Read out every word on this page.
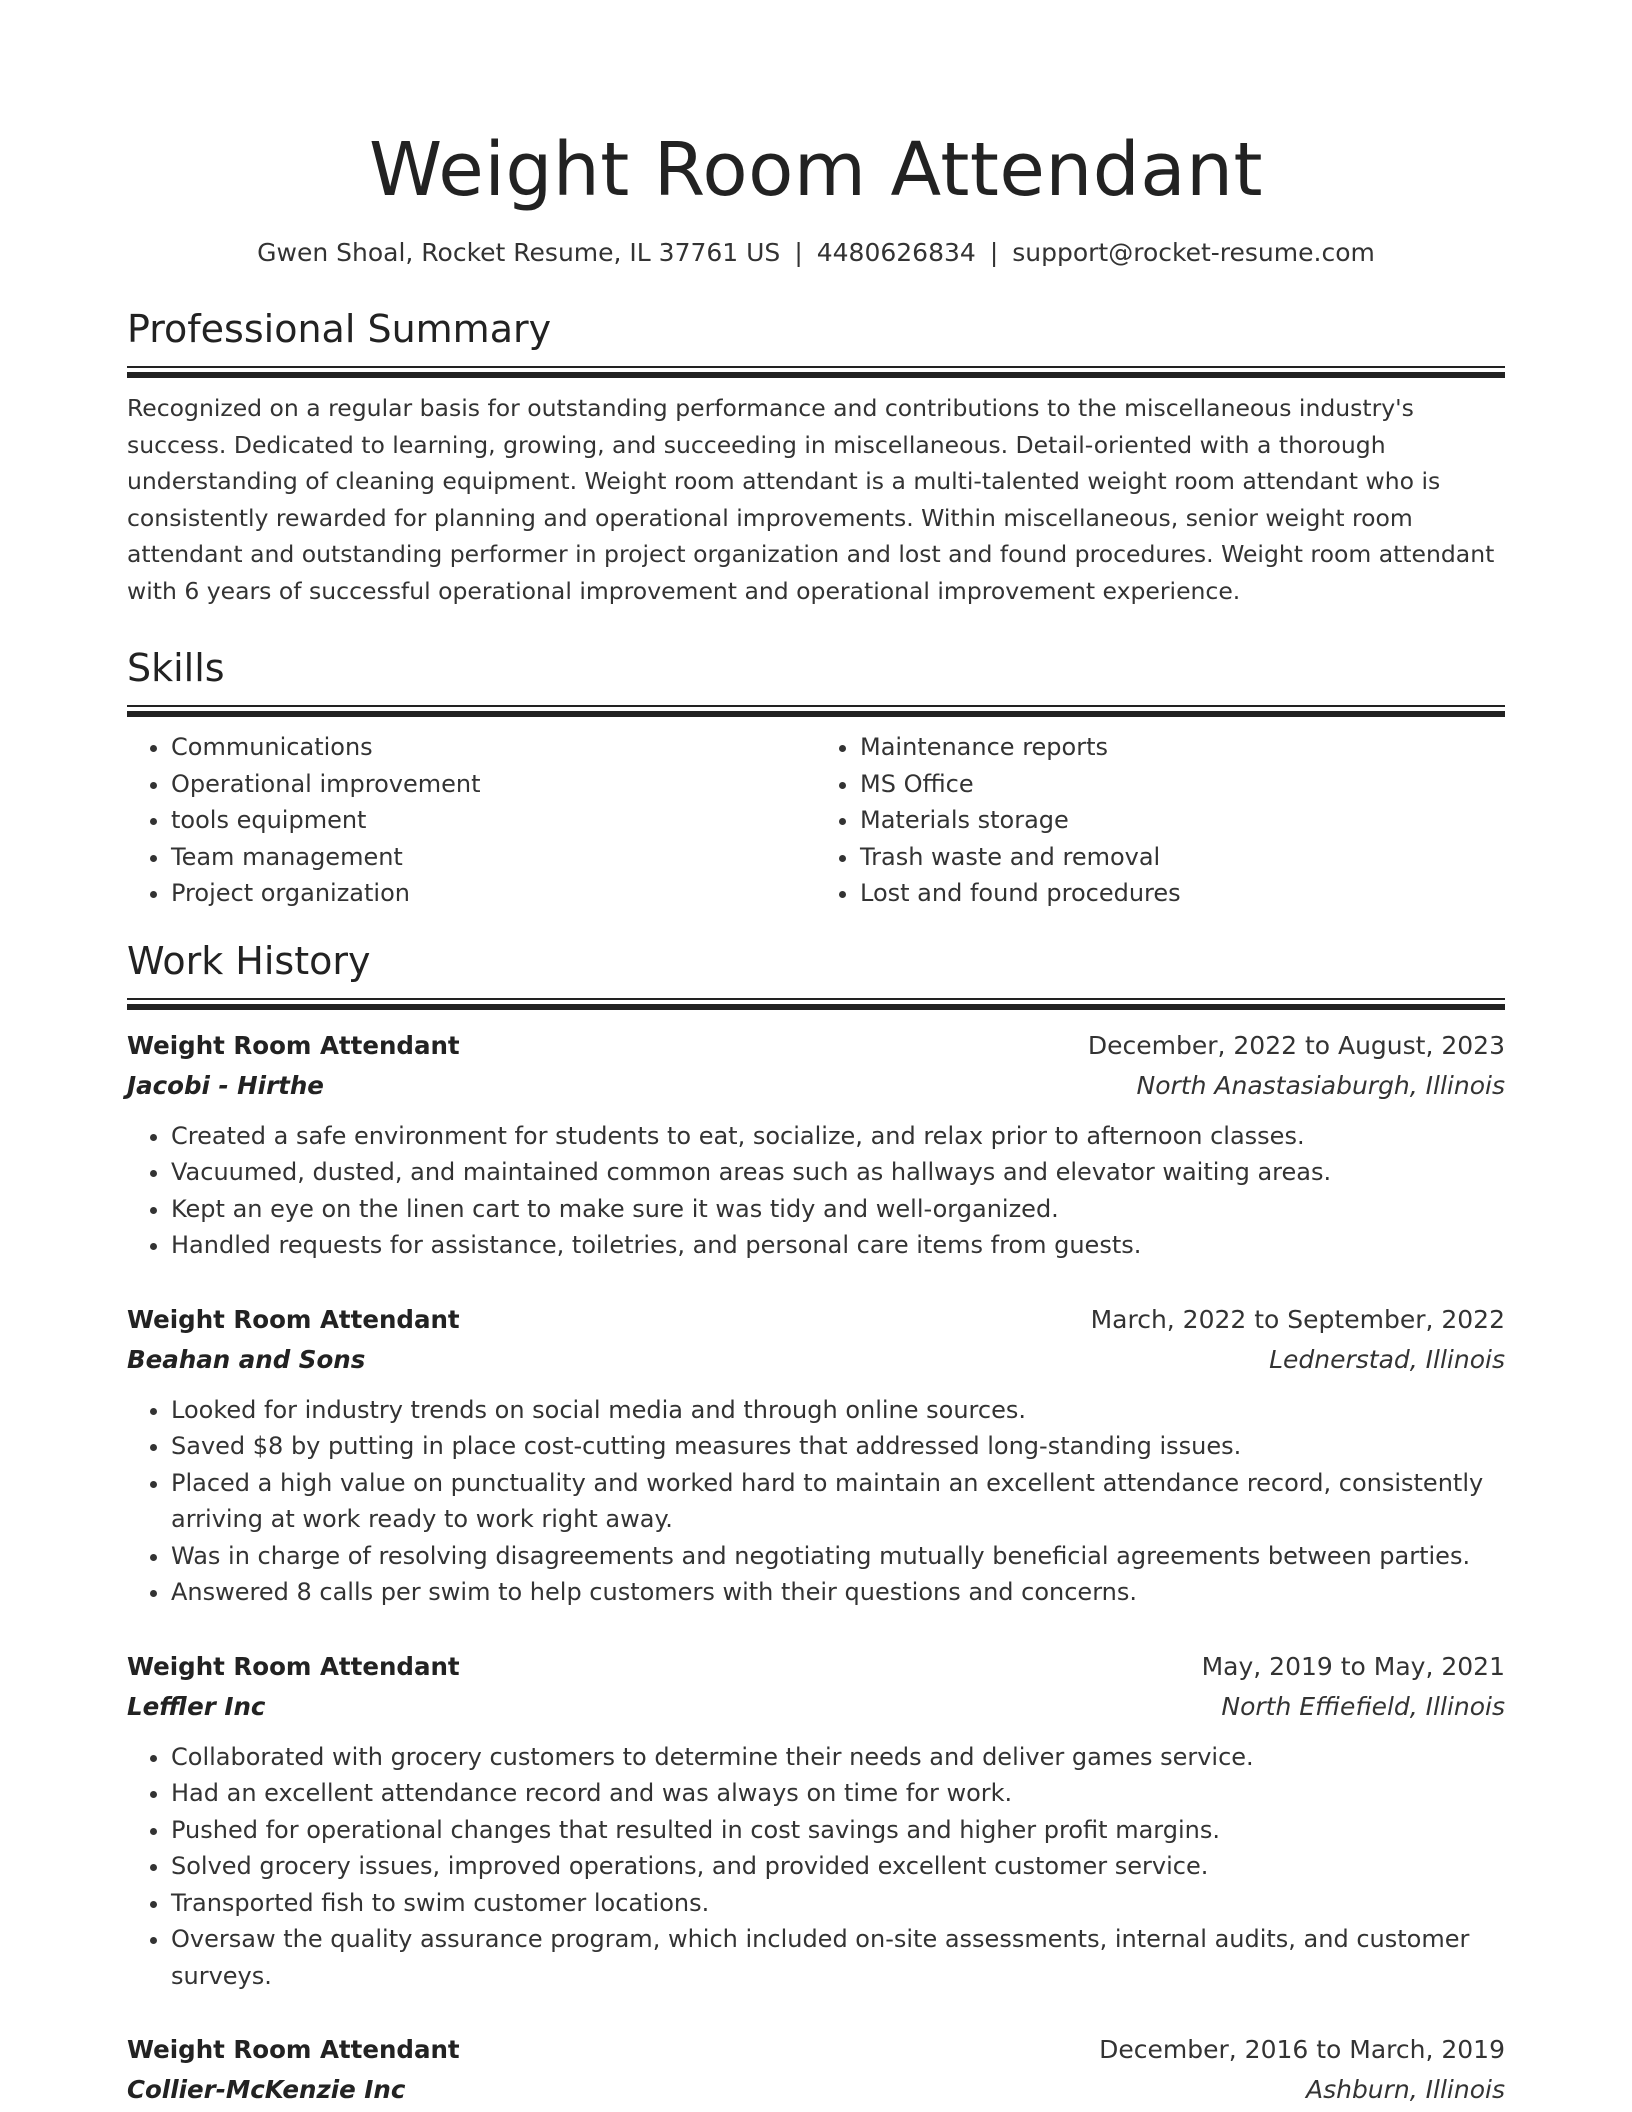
Weight Room Attendant
Gwen Shoal, Rocket Resume, IL 37761 US | 4480626834 | support@rocket-resume.com
Professional Summary

Recognized on a regular basis for outstanding performance and contributions to the miscellaneous industry's success. Dedicated to learning, growing, and succeeding in miscellaneous. Detail-oriented with a thorough understanding of cleaning equipment. Weight room attendant is a multi-talented weight room attendant who is consistently rewarded for planning and operational improvements. Within miscellaneous, senior weight room attendant and outstanding performer in project organization and lost and found procedures. Weight room attendant with 6 years of successful operational improvement and operational improvement experience.

Skills
• Communications
• Operational improvement
• tools equipment
• Team management
• Project organization
• Maintenance reports
• MS Office
• Materials storage
• Trash waste and removal
• Lost and found procedures
Work History
Weight Room Attendant	December, 2022 to August, 2023
Jacobi - Hirthe	North Anastasiaburgh, Illinois
• Created a safe environment for students to eat, socialize, and relax prior to afternoon classes.
• Vacuumed, dusted, and maintained common areas such as hallways and elevator waiting areas.
• Kept an eye on the linen cart to make sure it was tidy and well-organized.
• Handled requests for assistance, toiletries, and personal care items from guests.
Weight Room Attendant	March, 2022 to September, 2022
Beahan and Sons	Lednerstad, Illinois
• Looked for industry trends on social media and through online sources.
• Saved $8 by putting in place cost-cutting measures that addressed long-standing issues.
• Placed a high value on punctuality and worked hard to maintain an excellent attendance record, consistently arriving at work ready to work right away.
• Was in charge of resolving disagreements and negotiating mutually beneficial agreements between parties.
• Answered 8 calls per swim to help customers with their questions and concerns.
Weight Room Attendant	May, 2019 to May, 2021
Leffler Inc	North Effiefield, Illinois
• Collaborated with grocery customers to determine their needs and deliver games service.
• Had an excellent attendance record and was always on time for work.
• Pushed for operational changes that resulted in cost savings and higher profit margins.
• Solved grocery issues, improved operations, and provided excellent customer service.
• Transported fish to swim customer locations.
• Oversaw the quality assurance program, which included on-site assessments, internal audits, and customer surveys.
Weight Room Attendant	December, 2016 to March, 2019
Collier-McKenzie Inc	Ashburn, Illinois
